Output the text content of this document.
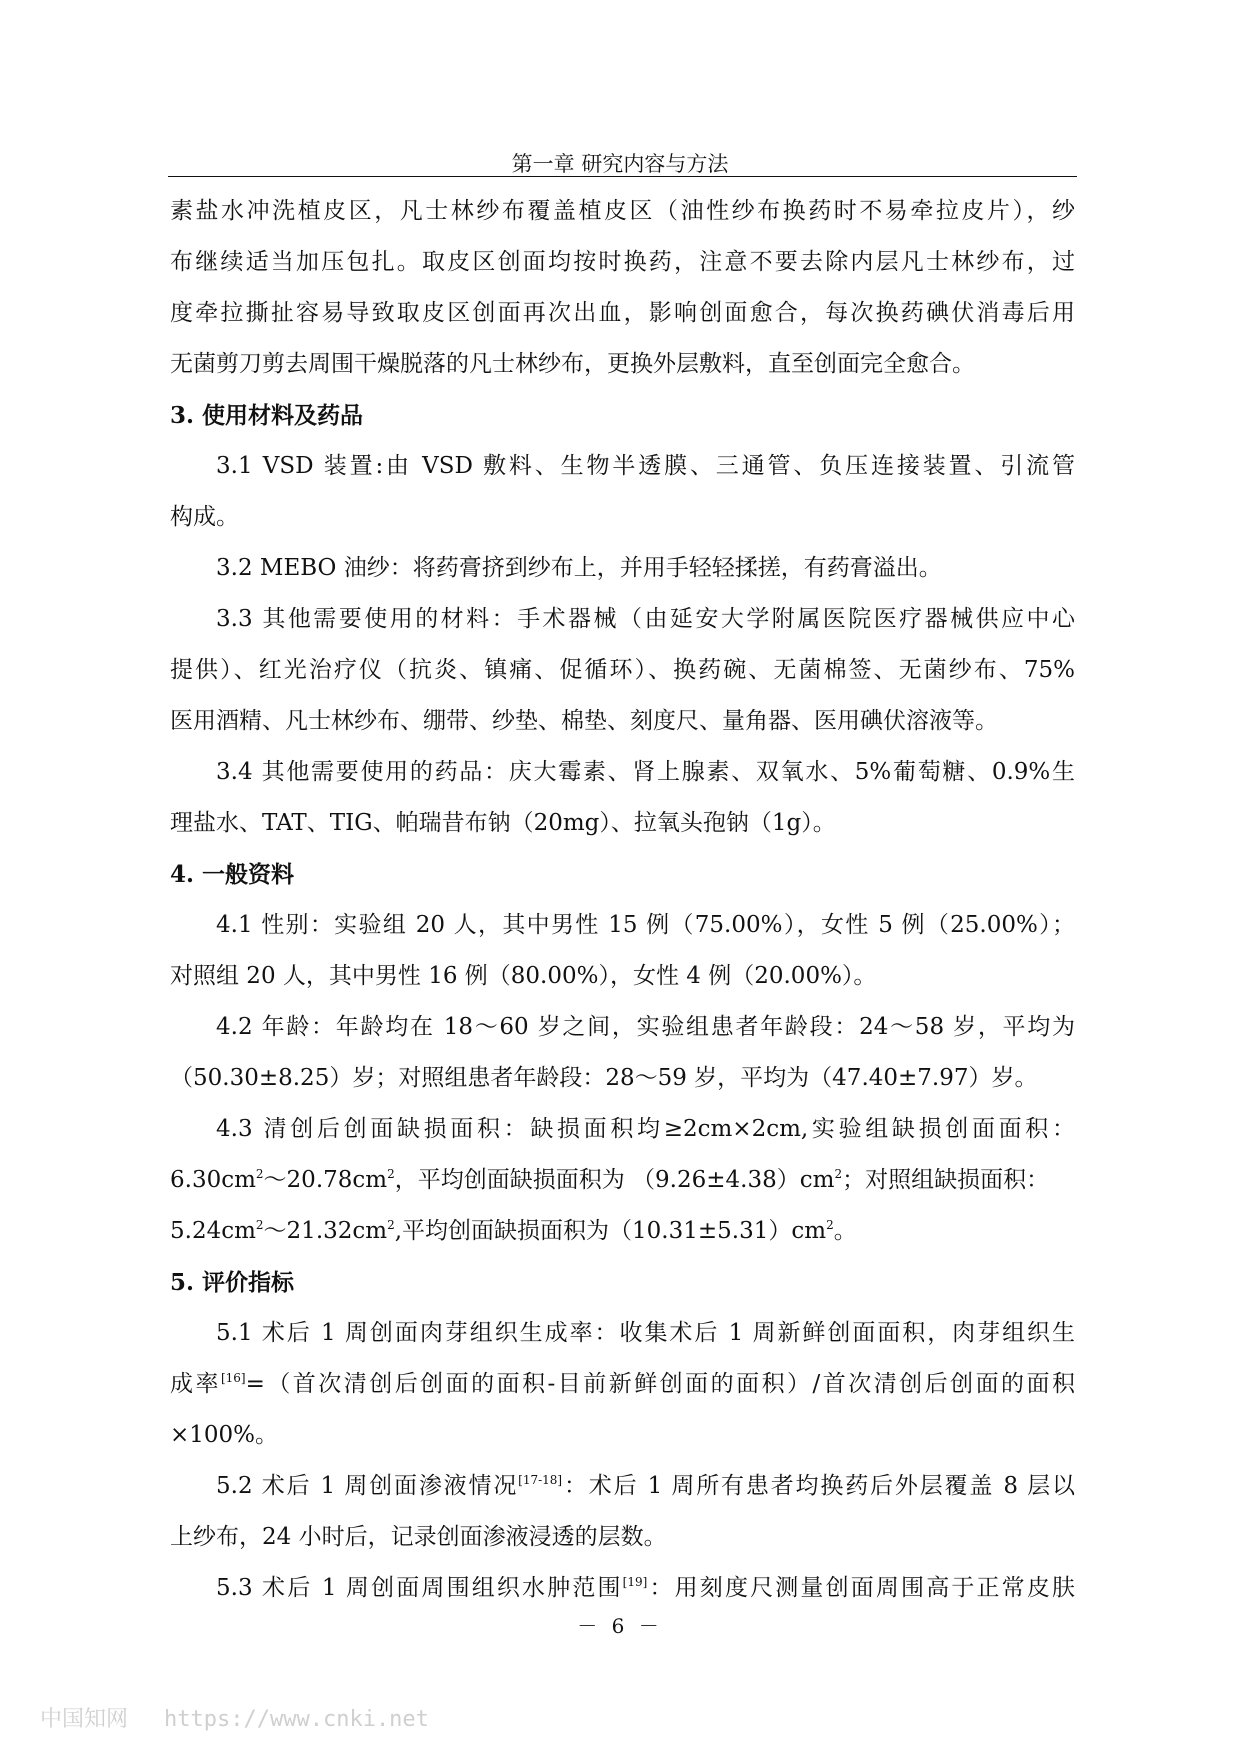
第一章 研究内容与方法
素盐水冲洗植皮区，凡士林纱布覆盖植皮区（油性纱布换药时不易牵拉皮片），纱
布继续适当加压包扎。取皮区创面均按时换药，注意不要去除内层凡士林纱布，过
度牵拉撕扯容易导致取皮区创面再次出血，影响创面愈合，每次换药碘伏消毒后用
无菌剪刀剪去周围干燥脱落的凡士林纱布，更换外层敷料，直至创面完全愈合。
3. 使用材料及药品
3.1 VSD 装置:由 VSD 敷料、生物半透膜、三通管、负压连接装置、引流管
构成。
3.2 MEBO 油纱：将药膏挤到纱布上，并用手轻轻揉搓，有药膏溢出。
3.3 其他需要使用的材料：手术器械（由延安大学附属医院医疗器械供应中心
提供）、红光治疗仪（抗炎、镇痛、促循环）、换药碗、无菌棉签、无菌纱布、75%
医用酒精、凡士林纱布、绷带、纱垫、棉垫、刻度尺、量角器、医用碘伏溶液等。
3.4 其他需要使用的药品：庆大霉素、肾上腺素、双氧水、5%葡萄糖、0.9%生
理盐水、TAT、TIG、帕瑞昔布钠（20mg）、拉氧头孢钠（1g）。
4. 一般资料
4.1 性别：实验组 20 人，其中男性 15 例（75.00%），女性 5 例（25.00%）；
对照组 20 人，其中男性 16 例（80.00%），女性 4 例（20.00%）。
4.2 年龄：年龄均在 18～60 岁之间，实验组患者年龄段：24～58 岁，平均为
（50.30±8.25）岁；对照组患者年龄段：28～59 岁，平均为（47.40±7.97）岁。
4.3 清创后创面缺损面积：缺损面积均≥2cm×2cm,实验组缺损创面面积：
$6.30cm^2\sim 20.78cm^2$，平均创面缺损面积为 $(9.26\pm 4.38)cm^2$；对照组缺损面积：
$5.24cm^2\sim 21.32cm^2$,平均创面缺损面积为$(10.31\pm 5.31)cm^2$。
5. 评价指标
5.1 术后 1 周创面肉芽组织生成率：收集术后 1 周新鲜创面面积，肉芽组织生
成率[16]=（首次清创后创面的面积-目前新鲜创面的面积）/首次清创后创面的面积
×100%。
5.2 术后 1 周创面渗液情况[17-18]：术后 1 周所有患者均换药后外层覆盖 8 层以
上纱布，24 小时后，记录创面渗液浸透的层数。
5.3 术后 1 周创面周围组织水肿范围[19]：用刻度尺测量创面周围高于正常皮肤
－ 6 －
中国知网 https://www.cnki.net
